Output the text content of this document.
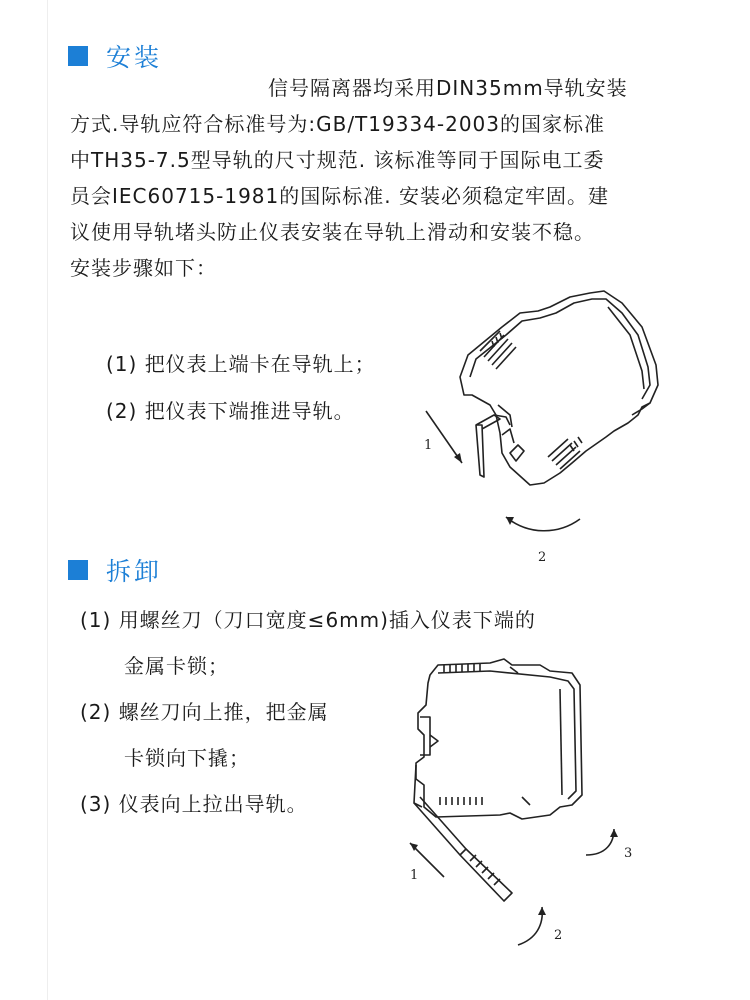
安装
信号隔离器均采用DIN35mm导轨安装
方式.导轨应符合标准号为:GB/T19334-2003的国家标准
中TH35-7.5型导轨的尺寸规范. 该标准等同于国际电工委
员会IEC60715-1981的国际标准. 安装必须稳定牢固。建
议使用导轨堵头防止仪表安装在导轨上滑动和安装不稳。
安装步骤如下：
(1) 把仪表上端卡在导轨上；
(2) 把仪表下端推进导轨。
1
2
拆卸
(1) 用螺丝刀（刀口宽度≤6mm)插入仪表下端的
金属卡锁；
(2) 螺丝刀向上推，把金属
卡锁向下撬；
(3) 仪表向上拉出导轨。
1
2
3
